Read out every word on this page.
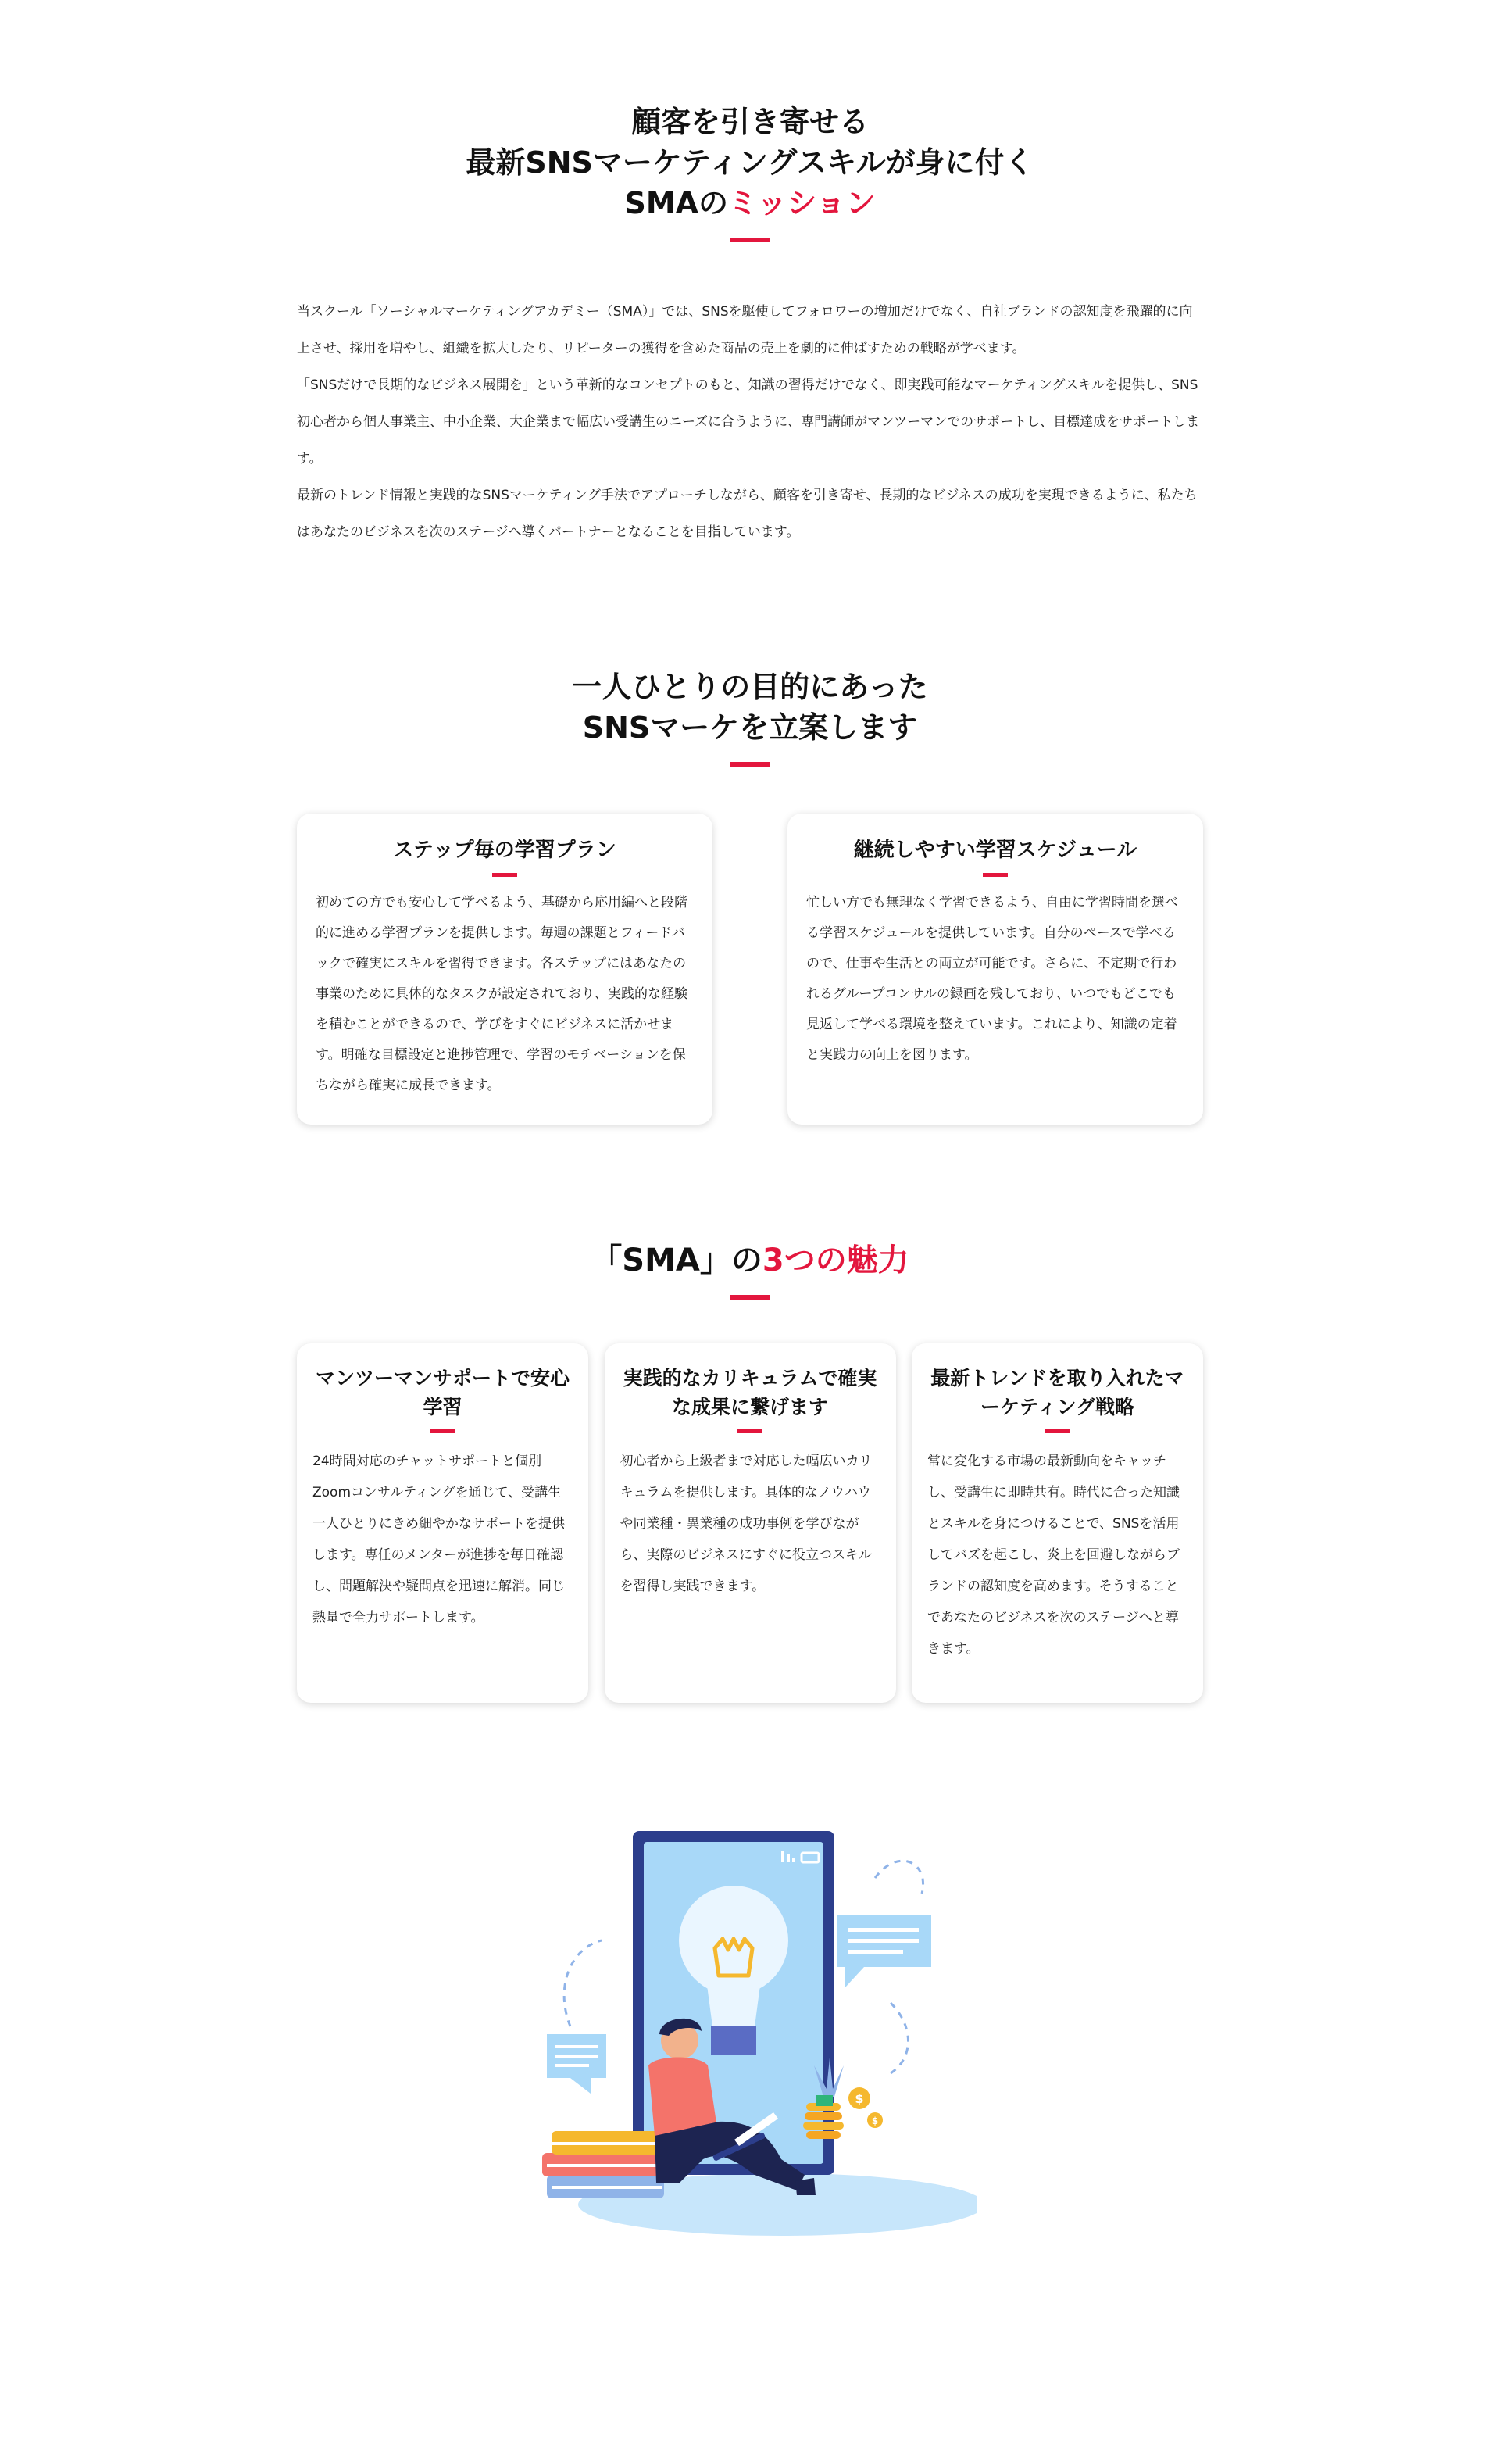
顧客を引き寄せる
最新SNSマーケティングスキルが身に付く
SMAのミッション

当スクール「ソーシャルマーケティングアカデミー（SMA）」では、SNSを駆使してフォロワーの増加だけでなく、自社ブランドの認知度を飛躍的に向上させ、採用を増やし、組織を拡大したり、リピーターの獲得を含めた商品の売上を劇的に伸ばすための戦略が学べます。

「SNSだけで長期的なビジネス展開を」という革新的なコンセプトのもと、知識の習得だけでなく、即実践可能なマーケティングスキルを提供し、SNS初心者から個人事業主、中小企業、大企業まで幅広い受講生のニーズに合うように、専門講師がマンツーマンでのサポートし、目標達成をサポートします。

最新のトレンド情報と実践的なSNSマーケティング手法でアプローチしながら、顧客を引き寄せ、長期的なビジネスの成功を実現できるように、私たちはあなたのビジネスを次のステージへ導くパートナーとなることを目指しています。

一人ひとりの目的にあった
SNSマーケを立案します
ステップ毎の学習プラン
初めての方でも安心して学べるよう、基礎から応用編へと段階的に進める学習プランを提供します。毎週の課題とフィードバックで確実にスキルを習得できます。各ステップにはあなたの事業のために具体的なタスクが設定されており、実践的な経験を積むことができるので、学びをすぐにビジネスに活かせます。明確な目標設定と進捗管理で、学習のモチベーションを保ちながら確実に成長できます。
継続しやすい学習スケジュール
忙しい方でも無理なく学習できるよう、自由に学習時間を選べる学習スケジュールを提供しています。自分のペースで学べるので、仕事や生活との両立が可能です。さらに、不定期で行われるグループコンサルの録画を残しており、いつでもどこでも見返して学べる環境を整えています。これにより、知識の定着と実践力の向上を図ります。
「SMA」の3つの魅力
マンツーマンサポートで安心学習
24時間対応のチャットサポートと個別Zoomコンサルティングを通じて、受講生一人ひとりにきめ細やかなサポートを提供します。専任のメンターが進捗を毎日確認し、問題解決や疑問点を迅速に解消。同じ熱量で全力サポートします。
実践的なカリキュラムで確実な成果に繋げます
初心者から上級者まで対応した幅広いカリキュラムを提供します。具体的なノウハウや同業種・異業種の成功事例を学びながら、実際のビジネスにすぐに役立つスキルを習得し実践できます。
最新トレンドを取り入れたマーケティング戦略
常に変化する市場の最新動向をキャッチし、受講生に即時共有。時代に合った知識とスキルを身につけることで、SNSを活用してバズを起こし、炎上を回避しながらブランドの認知度を高めます。そうすることであなたのビジネスを次のステージへと導きます。
$
$
